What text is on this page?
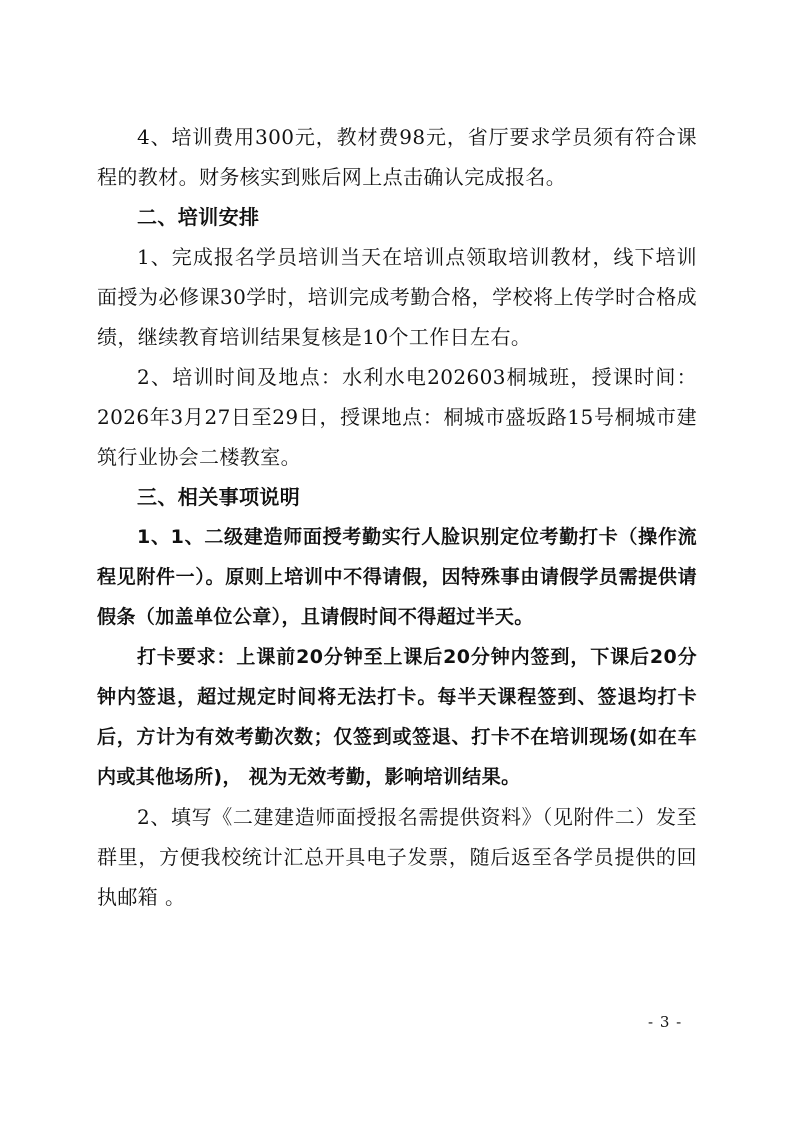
4、培训费用300元，教材费98元，省厅要求学员须有符合课程的教材。财务核实到账后网上点击确认完成报名。

二、培训安排

1、完成报名学员培训当天在培训点领取培训教材，线下培训面授为必修课30学时，培训完成考勤合格，学校将上传学时合格成绩，继续教育培训结果复核是10个工作日左右。

2、培训时间及地点：水利水电202603桐城班，授课时间：2026年3月27日至29日，授课地点：桐城市盛坂路15号桐城市建筑行业协会二楼教室。

三、相关事项说明

1、1、二级建造师面授考勤实行人脸识别定位考勤打卡（操作流程见附件一）。原则上培训中不得请假，因特殊事由请假学员需提供请假条（加盖单位公章），且请假时间不得超过半天。

打卡要求：上课前20分钟至上课后20分钟内签到，下课后20分钟内签退，超过规定时间将无法打卡。每半天课程签到、签退均打卡后，方计为有效考勤次数；仅签到或签退、打卡不在培训现场(如在车内或其他场所)， 视为无效考勤，影响培训结果。

2、填写《二建建造师面授报名需提供资料》（见附件二）发至群里，方便我校统计汇总开具电子发票，随后返至各学员提供的回执邮箱 。

- 3 -
